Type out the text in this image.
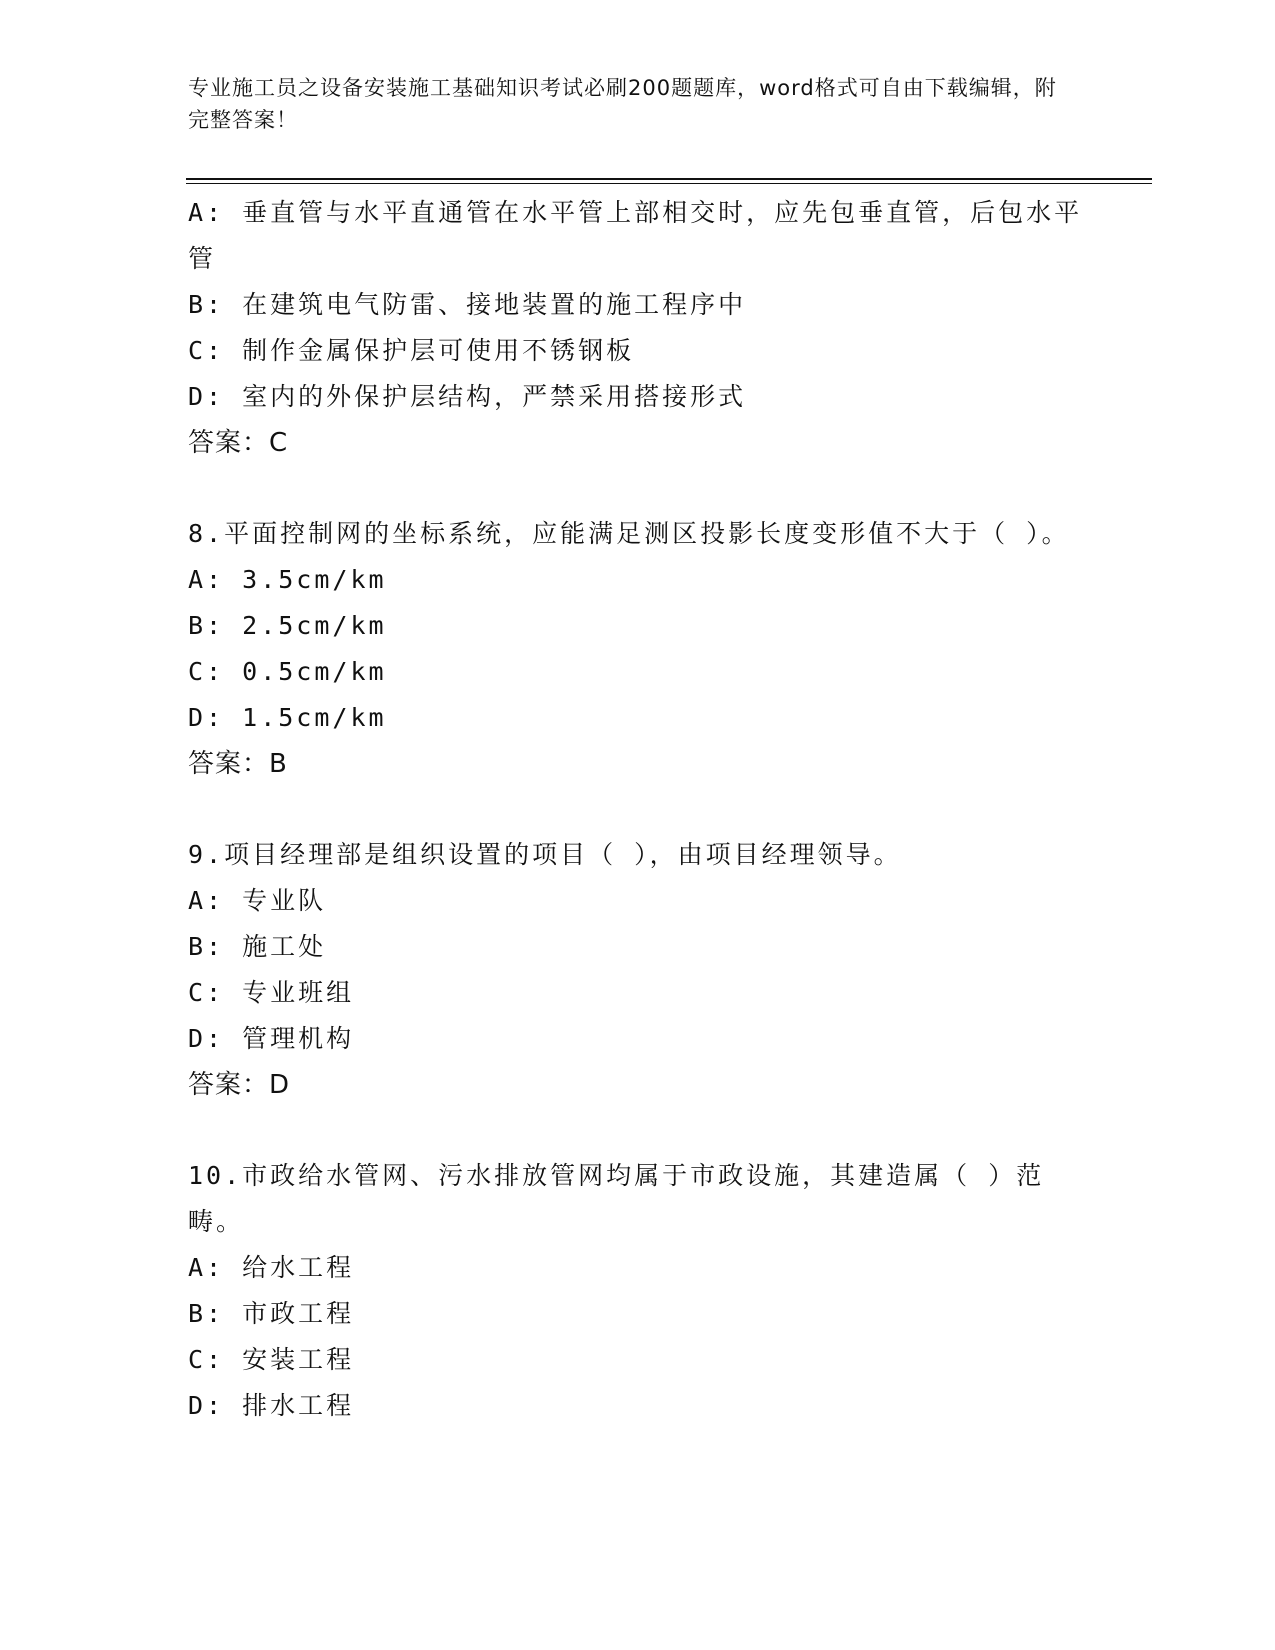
专业施工员之设备安装施工基础知识考试必刷200题题库，word格式可自由下载编辑，附完整答案！

A: 垂直管与水平直通管在水平管上部相交时，应先包垂直管，后包水平管

B: 在建筑电气防雷、接地装置的施工程序中

C: 制作金属保护层可使用不锈钢板

D: 室内的外保护层结构，严禁采用搭接形式

答案：C

8.平面控制网的坐标系统，应能满足测区投影长度变形值不大于（ ）。

A: 3.5cm/km

B: 2.5cm/km

C: 0.5cm/km

D: 1.5cm/km

答案：B

9.项目经理部是组织设置的项目（ ），由项目经理领导。

A: 专业队

B: 施工处

C: 专业班组

D: 管理机构

答案：D

10.市政给水管网、污水排放管网均属于市政设施，其建造属（ ）范畴。

A: 给水工程

B: 市政工程

C: 安装工程

D: 排水工程
